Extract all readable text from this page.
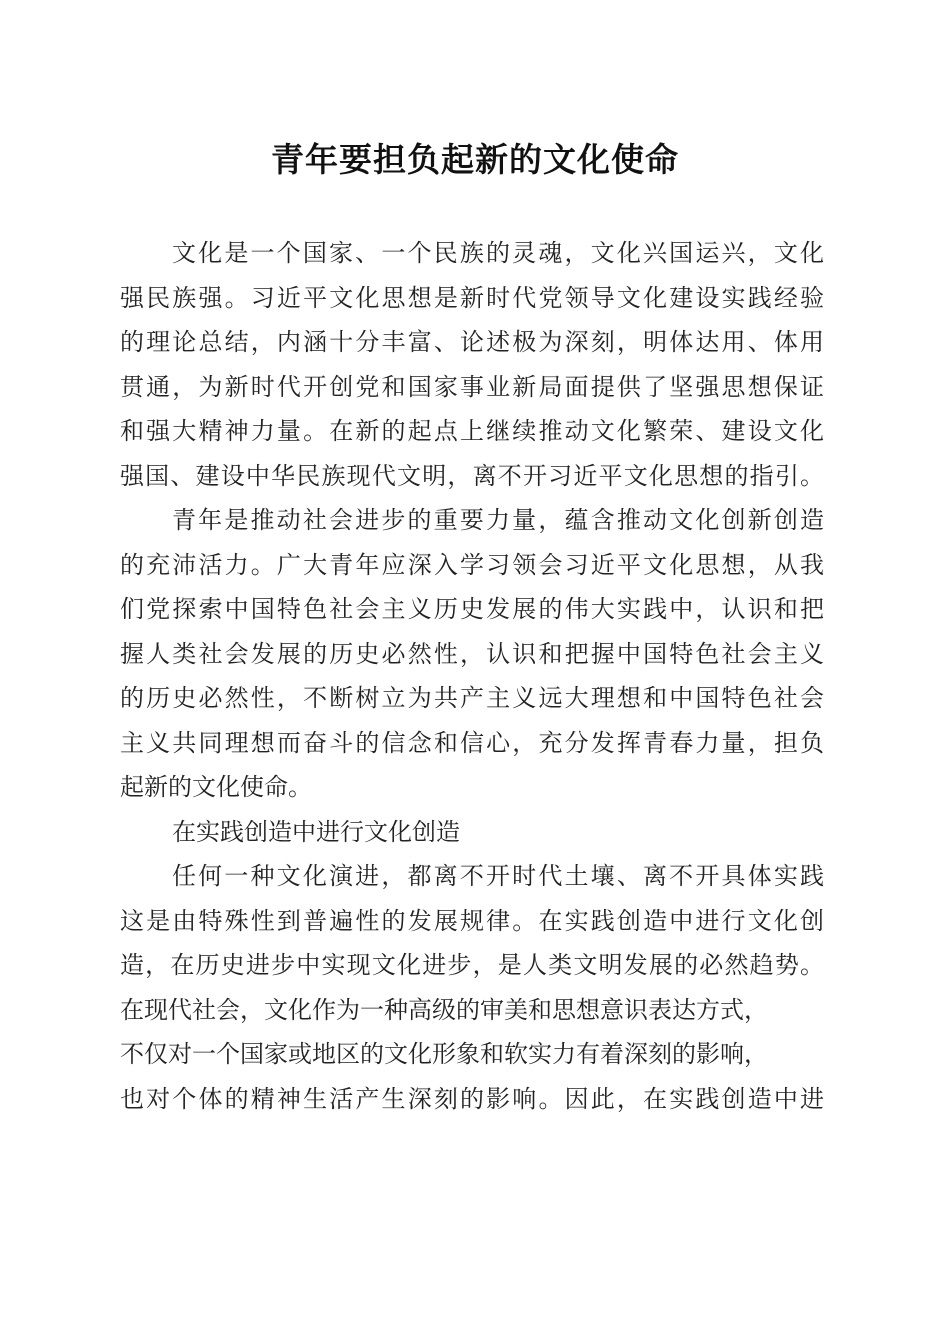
青年要担负起新的文化使命
文化是一个国家、一个民族的灵魂，文化兴国运兴，文化
强民族强。习近平文化思想是新时代党领导文化建设实践经验
的理论总结，内涵十分丰富、论述极为深刻，明体达用、体用
贯通，为新时代开创党和国家事业新局面提供了坚强思想保证
和强大精神力量。在新的起点上继续推动文化繁荣、建设文化
强国、建设中华民族现代文明，离不开习近平文化思想的指引。
青年是推动社会进步的重要力量，蕴含推动文化创新创造
的充沛活力。广大青年应深入学习领会习近平文化思想，从我
们党探索中国特色社会主义历史发展的伟大实践中，认识和把
握人类社会发展的历史必然性，认识和把握中国特色社会主义
的历史必然性，不断树立为共产主义远大理想和中国特色社会
主义共同理想而奋斗的信念和信心，充分发挥青春力量，担负
起新的文化使命。
在实践创造中进行文化创造
任何一种文化演进，都离不开时代土壤、离不开具体实践
这是由特殊性到普遍性的发展规律。在实践创造中进行文化创
造，在历史进步中实现文化进步，是人类文明发展的必然趋势。
在现代社会，文化作为一种高级的审美和思想意识表达方式，
不仅对一个国家或地区的文化形象和软实力有着深刻的影响，
也对个体的精神生活产生深刻的影响。因此，在实践创造中进
